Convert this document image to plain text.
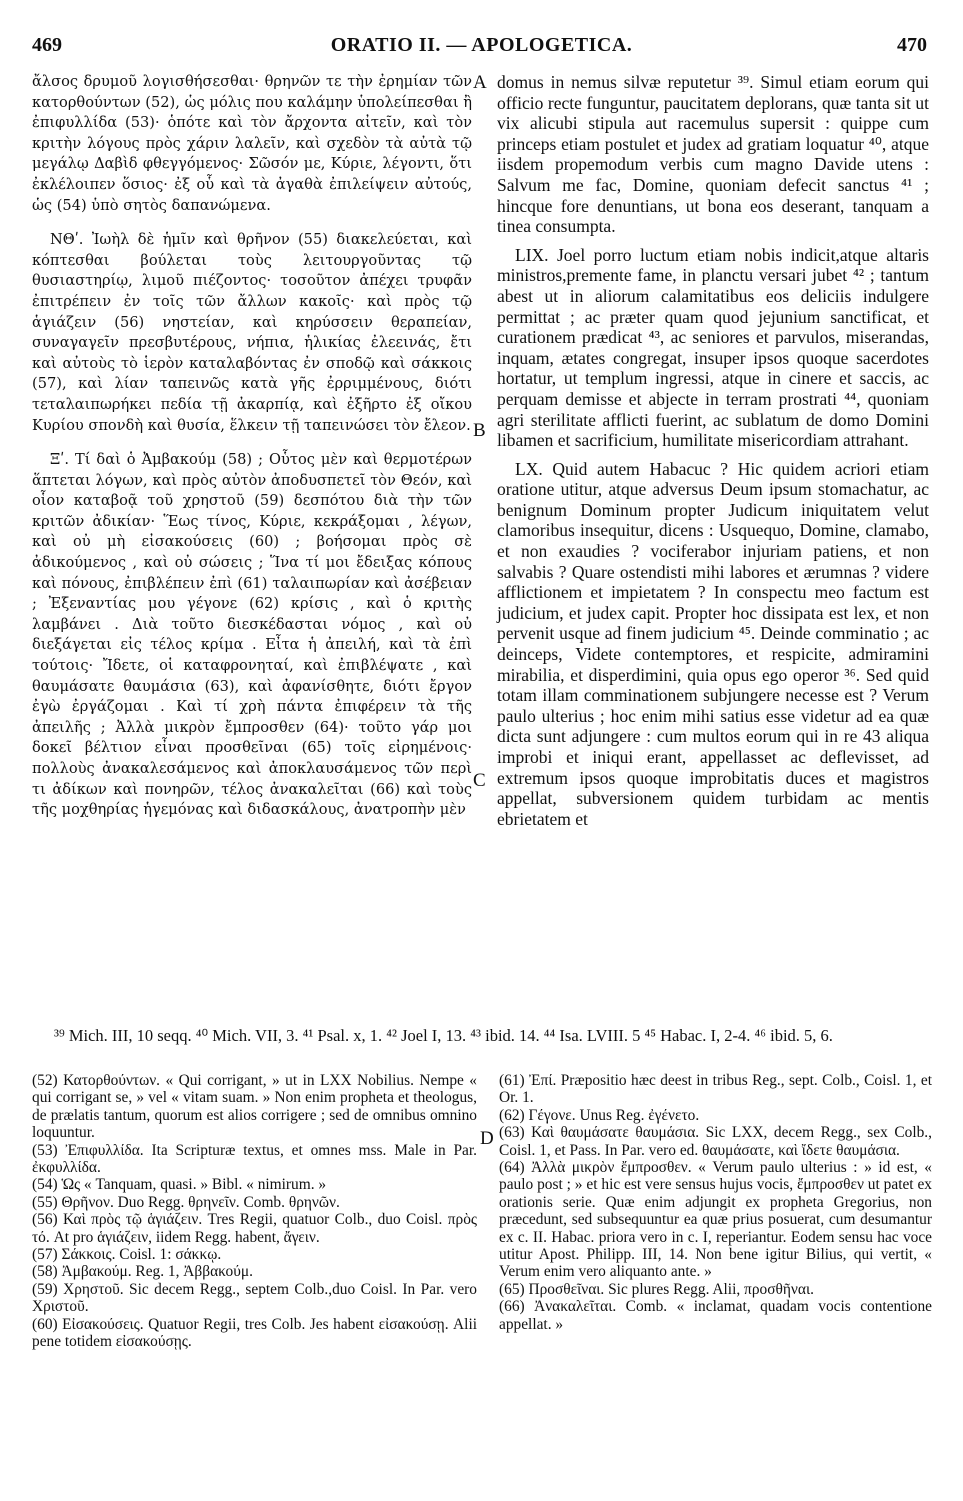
469	ORATIO II. — APOLOGETICA.	470

ἄλσος δρυμοῦ λογισθήσεσθαι· θρηνῶν τε τὴν ἐρημίαν τῶν κατορθούντων (52), ὡς μόλις που καλάμην ὑπολείπεσθαι ἢ ἐπιφυλλίδα (53)· ὁπότε καὶ τὸν ἄρχοντα αἰτεῖν, καὶ τὸν κριτὴν λόγους πρὸς χάριν λαλεῖν, καὶ σχεδὸν τὰ αὐτὰ τῷ μεγάλῳ Δαβὶδ φθεγγόμενος· Σῶσόν με, Κύριε, λέγοντι, ὅτι ἐκλέλοιπεν ὅσιος· ἐξ οὗ καὶ τὰ ἀγαθὰ ἐπιλείψειν αὐτούς, ὡς (54) ὑπὸ σητὸς δαπανώμενα.

ΝΘʹ. Ἰωὴλ δὲ ἡμῖν καὶ θρῆνον (55) διακελεύεται, καὶ κόπτεσθαι βούλεται τοὺς λειτουργοῦντας τῷ θυσιαστηρίῳ, λιμοῦ πιέζοντος· τοσοῦτον ἀπέχει τρυφᾶν ἐπιτρέπειν ἐν τοῖς τῶν ἄλλων κακοῖς· καὶ πρὸς τῷ ἁγιάζειν (56) νηστείαν, καὶ κηρύσσειν θεραπείαν, συναγαγεῖν πρεσβυτέρους, νήπια, ἡλικίας ἐλεεινάς, ἔτι καὶ αὐτοὺς τὸ ἱερὸν καταλαβόντας ἐν σποδῷ καὶ σάκκοις (57), καὶ λίαν ταπεινῶς κατὰ γῆς ἐρριμμένους, διότι τεταλαιπωρήκει πεδία τῇ ἀκαρπίᾳ, καὶ ἐξῆρτο ἐξ οἴκου Κυρίου σπονδὴ καὶ θυσία, ἕλκειν τῇ ταπεινώσει τὸν ἔλεον.

Ξʹ. Τί δαὶ ὁ Ἀμβακούμ (58) ; Οὗτος μὲν καὶ θερμοτέρων ἅπτεται λόγων, καὶ πρὸς αὐτὸν ἀποδυσπετεῖ τὸν Θεόν, καὶ οἷον καταβοᾷ τοῦ χρηστοῦ (59) δεσπότου διὰ τὴν τῶν κριτῶν ἀδικίαν· Ἕως τίνος, Κύριε, κεκράξομαι , λέγων, καὶ οὐ μὴ εἰσακούσεις (60) ; βοήσομαι πρὸς σὲ ἀδικούμενος , καὶ οὐ σώσεις ; Ἵνα τί μοι ἔδειξας κόπους καὶ πόνους, ἐπιβλέπειν ἐπὶ (61) ταλαιπωρίαν καὶ ἀσέβειαν ; Ἐξεναντίας μου γέγονε (62) κρίσις , καὶ ὁ κριτὴς λαμβάνει . Διὰ τοῦτο διεσκέδασται νόμος , καὶ οὐ διεξάγεται εἰς τέλος κρίμα . Εἶτα ἡ ἀπειλή, καὶ τὰ ἐπὶ τούτοις· Ἴδετε, οἱ καταφρονηταί, καὶ ἐπιβλέψατε , καὶ θαυμάσατε θαυμάσια (63), καὶ ἀφανίσθητε, διότι ἔργον ἐγὼ ἐργάζομαι . Καὶ τί χρὴ πάντα ἐπιφέρειν τὰ τῆς ἀπειλῆς ; Ἀλλὰ μικρὸν ἔμπροσθεν (64)· τοῦτο γάρ μοι δοκεῖ βέλτιον εἶναι προσθεῖναι (65) τοῖς εἰρημένοις· πολλοὺς ἀνακαλεσάμενος καὶ ἀποκλαυσάμενος τῶν περὶ τι ἀδίκων καὶ πονηρῶν, τέλος ἀνακαλεῖται (66) καὶ τοὺς τῆς μοχθηρίας ἡγεμόνας καὶ διδασκάλους, ἀνατροπὴν μὲν

A
B
C
D

domus in nemus silvæ reputetur ³⁹. Simul etiam eorum qui officio recte funguntur, paucitatem deplorans, quæ tanta sit ut vix alicubi stipula aut racemulus supersit : quippe cum princeps etiam postulet et judex ad gratiam loquatur ⁴⁰, atque iisdem propemodum verbis cum magno Davide utens : Salvum me fac, Domine, quoniam defecit sanctus ⁴¹ ; hincque fore denuntians, ut bona eos deserant, tanquam a tinea consumpta.

LIX. Joel porro luctum etiam nobis indicit,atque altaris ministros,premente fame, in planctu versari jubet ⁴² ; tantum abest ut in aliorum calamitatibus eos deliciis indulgere permittat ; ac præter quam quod jejunium sanctificat, et curationem prædicat ⁴³, ac seniores et parvulos, miserandas, inquam, ætates congregat, insuper ipsos quoque sacerdotes hortatur, ut templum ingressi, atque in cinere et saccis, ac perquam demisse et abjecte in terram prostrati ⁴⁴, quoniam agri sterilitate afflicti fuerint, ac sublatum de domo Domini libamen et sacrificium, humilitate misericordiam attrahant.

LX. Quid autem Habacuc ? Hic quidem acriori etiam oratione utitur, atque adversus Deum ipsum stomachatur, ac benignum Dominum propter Judicum iniquitatem velut clamoribus insequitur, dicens : Usquequo, Domine, clamabo, et non exaudies ? vociferabor injuriam patiens, et non salvabis ? Quare ostendisti mihi labores et ærumnas ? videre afflictionem et impietatem ? In conspectu meo factum est judicium, et judex capit. Propter hoc dissipata est lex, et non pervenit usque ad finem judicium ⁴⁵. Deinde comminatio ; ac deinceps, Videte contemptores, et respicite, admiramini mirabilia, et disperdimini, quia opus ego operor ³⁶. Sed quid totam illam comminationem subjungere necesse est ? Verum paulo ulterius ; hoc enim mihi satius esse videtur ad ea quæ dicta sunt adjungere : cum multos eorum qui in re 43 aliqua improbi et iniqui erant, appellasset ac deflevisset, ad extremum ipsos quoque improbitatis duces et magistros appellat, subversionem quidem turbidam ac mentis ebrietatem et

³⁹ Mich. III, 10 seqq. ⁴⁰ Mich. VII, 3. ⁴¹ Psal. x, 1. ⁴² Joel I, 13. ⁴³ ibid. 14. ⁴⁴ Isa. LVIII. 5 ⁴⁵ Habac. I, 2-4. ⁴⁶ ibid. 5, 6.
(52) Κατορθούντων. « Qui corrigant, » ut in LXX Nobilius. Nempe « qui corrigant se, » vel « vitam suam. » Non enim propheta et theologus, de prælatis tantum, quorum est alios corrigere ; sed de omnibus omnino loquuntur.
(53) Ἐπιφυλλίδα. Ita Scripturæ textus, et omnes mss. Male in Par. ἐκφυλλίδα.
(54) Ὡς « Tanquam, quasi. » Bibl. « nimirum. »
(55) Θρῆνον. Duo Regg. θρηνεῖν. Comb. θρηνῶν.
(56) Καὶ πρὸς τῷ ἁγιάζειν. Tres Regii, quatuor Colb., duo Coisl. πρὸς τό. At pro ἁγιάζειν, iidem Regg. habent, ἄγειν.
(57) Σάκκοις. Coisl. 1: σάκκῳ.
(58) Ἀμβακούμ. Reg. 1, Ἀββακούμ.
(59) Χρηστοῦ. Sic decem Regg., septem Colb.,duo Coisl. In Par. vero Χριστοῦ.
(60) Εἰσακούσεις. Quatuor Regii, tres Colb. Jes habent εἰσακούσῃ. Alii pene totidem εἰσακούσῃς.
(61) Ἐπί. Præpositio hæc deest in tribus Reg., sept. Colb., Coisl. 1, et Or. 1.
(62) Γέγονε. Unus Reg. ἐγένετο.
(63) Καὶ θαυμάσατε θαυμάσια. Sic LXX, decem Regg., sex Colb., Coisl. 1, et Pass. In Par. vero ed. θαυμάσατε, καὶ ἴδετε θαυμάσια.
(64) Ἀλλὰ μικρὸν ἔμπροσθεν. « Verum paulo ulterius : » id est, « paulo post ; » et hic est vere sensus hujus vocis, ἔμπροσθεν ut patet ex orationis serie. Quæ enim adjungit ex propheta Gregorius, non præcedunt, sed subsequuntur ea quæ prius posuerat, cum desumantur ex c. II. Habac. priora vero in c. I, reperiantur. Eodem sensu hac voce utitur Apost. Philipp. III, 14. Non bene igitur Bilius, qui vertit, « Verum enim vero aliquanto ante. »
(65) Προσθεῖναι. Sic plures Regg. Alii, προσθῆναι.
(66) Ἀνακαλεῖται. Comb. « inclamat, quadam vocis contentione appellat. »
